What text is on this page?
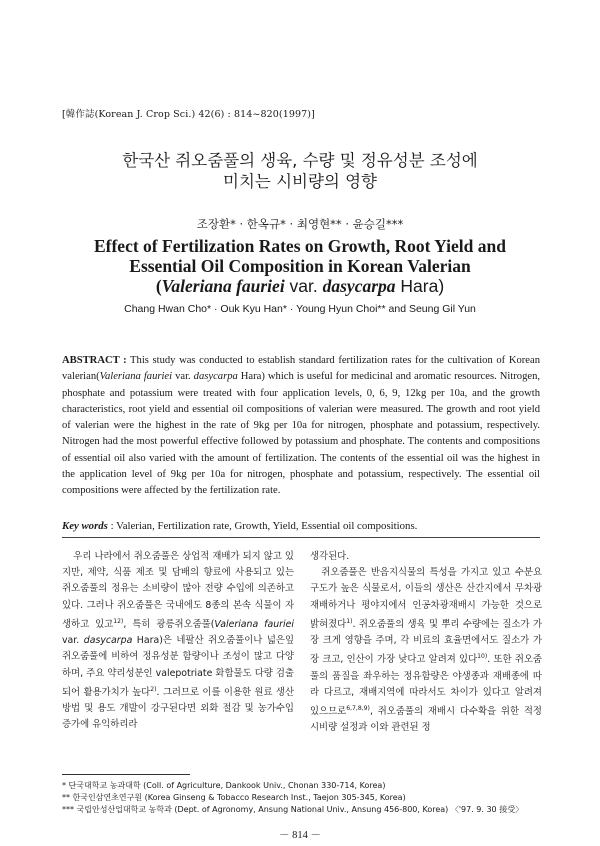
[韓作誌(Korean J. Crop Sci.) 42(6) : 814~820(1997)]
한국산 쥐오줌풀의 생육, 수량 및 정유성분 조성에
미치는 시비량의 영향
조장환* · 한옥규* · 최영현** · 윤승길***
Effect of Fertilization Rates on Growth, Root Yield and
Essential Oil Composition in Korean Valerian
(Valeriana fauriei var. dasycarpa Hara)
Chang Hwan Cho* · Ouk Kyu Han* · Young Hyun Choi** and Seung Gil Yun
ABSTRACT : This study was conducted to establish standard fertilization rates for the cultivation of Korean valerian(Valeriana fauriei var. dasycarpa Hara) which is useful for medicinal and aromatic resources. Nitrogen, phosphate and potassium were treated with four application levels, 0, 6, 9, 12kg per 10a, and the growth characteristics, root yield and essential oil compositions of valerian were measured. The growth and root yield of valerian were the highest in the rate of 9kg per 10a for nitrogen, phosphate and potassium, respectively. Nitrogen had the most powerful effective followed by potassium and phosphate. The contents and compositions of essential oil also varied with the amount of fertilization. The contents of the essential oil was the highest in the application level of 9kg per 10a for nitrogen, phosphate and potassium, respectively. The essential oil compositions were affected by the fertilization rate.
Key words : Valerian, Fertilization rate, Growth, Yield, Essential oil compositions.

우리 나라에서 쥐오줌풀은 상업적 재배가 되지 않고 있지만, 제약, 식품 제조 및 담배의 향료에 사용되고 있는 쥐오줌풀의 정유는 소비량이 많아 전량 수입에 의존하고 있다. 그러나 쥐오줌풀은 국내에도 8종의 본속 식물이 자생하고 있고$^{12)}$, 특히 광릉쥐오줌풀(Valeriana fauriei var. dasycarpa Hara)은 네팔산 쥐오줌풀이나 넓은잎 쥐오줌풀에 비하여 정유성분 함량이나 조성이 많고 다양하며, 주요 약리성분인 valepotriate 화합물도 다량 검출되어 활용가치가 높다$^{2)}$. 그러므로 이를 이용한 원료 생산 방법 및 용도 개발이 강구된다면 외화 절감 및 농가수입 증가에 유익하리라

생각된다.

쥐오줌풀은 반음지식물의 특성을 가지고 있고 수분요구도가 높은 식물로서, 이들의 생산은 산간지에서 무차광 재배하거나 평야지에서 인공차광재배시 가능한 것으로 밝혀졌다$^{1)}$. 쥐오줌풀의 생육 및 뿌리 수량에는 질소가 가장 크게 영향을 주며, 각 비료의 효율면에서도 질소가 가장 크고, 인산이 가장 낮다고 알려져 있다$^{10)}$. 또한 쥐오줌풀의 품질을 좌우하는 정유함량은 야생종과 재배종에 따라 다르고, 재배지역에 따라서도 차이가 있다고 알려져 있으므로$^{6,7,8,9)}$, 쥐오줌풀의 재배시 다수확을 위한 적정 시비량 설정과 이와 관련된 정

* 단국대학교 농과대학 (Coll. of Agriculture, Dankook Univ., Chonan 330-714, Korea)
** 한국인삼연초연구원 (Korea Ginseng & Tobacco Research Inst., Taejon 305-345, Korea)
*** 국립안성산업대학교 농학과 (Dept. of Agronomy, Ansung National Univ., Ansung 456-800, Korea) 〈'97. 9. 30 接受〉
－ 814 －
